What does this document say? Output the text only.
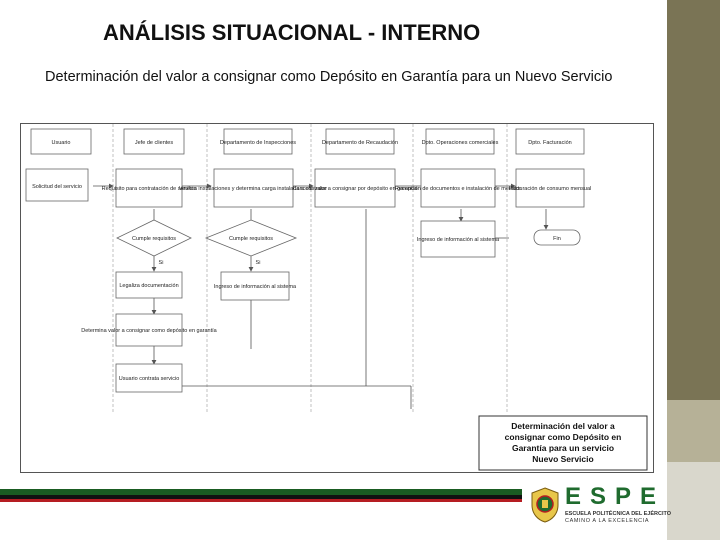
ANÁLISIS SITUACIONAL - INTERNO
Determinación del valor a consignar como Depósito en Garantía para un Nuevo Servicio
Usuario	Jefe de clientes	Departamento de Inspecciones	Departamento de Recaudación	Dpto. Operaciones comerciales	Dpto. Facturación
Solicitud del servicio	Requisito para contratación de servicio
Verifica instalaciones y determina carga instalada a contratar
Cancela valor a consignar por depósito en garantía
Recepción de documentos e instalación de medidor
Facturación de consumo mensual
Cumple requisitos	Cumple requisitos
Legaliza documentación	Ingreso de información al sistema
Determina valor a consignar como depósito en garantía
Ingreso de información al sistema	Fin
Usuario contrata servicio
Si	Si
Determinación del valor a
consignar como Depósito en
Garantía para un servicio
Nuevo Servicio
ESPE
ESCUELA POLITÉCNICA DEL EJÉRCITO
CAMINO A LA EXCELENCIA
